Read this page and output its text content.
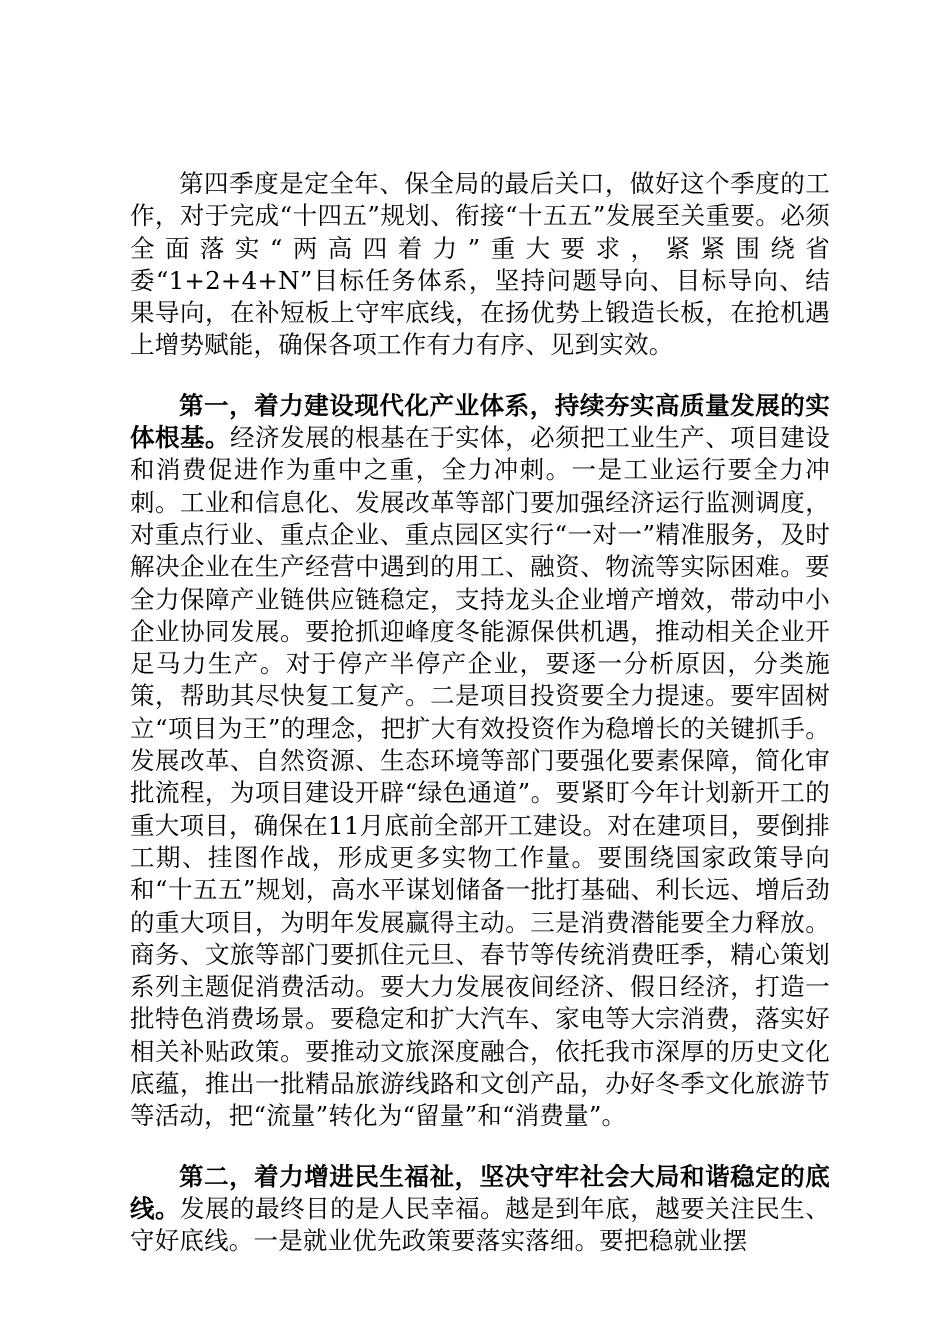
第四季度是定全年、保全局的最后关口，做好这个季度的工作，对于完成“十四五”规划、衔接“十五五”发展至关重要。必须全面落实“两高四着力”重大要求，紧紧围绕省委“1+2+4+N”目标任务体系，坚持问题导向、目标导向、结果导向，在补短板上守牢底线，在扬优势上锻造长板，在抢机遇上增势赋能，确保各项工作有力有序、见到实效。

第一，着力建设现代化产业体系，持续夯实高质量发展的实体根基。经济发展的根基在于实体，必须把工业生产、项目建设和消费促进作为重中之重，全力冲刺。一是工业运行要全力冲刺。工业和信息化、发展改革等部门要加强经济运行监测调度，对重点行业、重点企业、重点园区实行“一对一”精准服务，及时解决企业在生产经营中遇到的用工、融资、物流等实际困难。要全力保障产业链供应链稳定，支持龙头企业增产增效，带动中小企业协同发展。要抢抓迎峰度冬能源保供机遇，推动相关企业开足马力生产。对于停产半停产企业，要逐一分析原因，分类施策，帮助其尽快复工复产。二是项目投资要全力提速。要牢固树立“项目为王”的理念，把扩大有效投资作为稳增长的关键抓手。发展改革、自然资源、生态环境等部门要强化要素保障，简化审批流程，为项目建设开辟“绿色通道”。要紧盯今年计划新开工的重大项目，确保在11月底前全部开工建设。对在建项目，要倒排工期、挂图作战，形成更多实物工作量。要围绕国家政策导向和“十五五”规划，高水平谋划储备一批打基础、利长远、增后劲的重大项目，为明年发展赢得主动。三是消费潜能要全力释放。商务、文旅等部门要抓住元旦、春节等传统消费旺季，精心策划系列主题促消费活动。要大力发展夜间经济、假日经济，打造一批特色消费场景。要稳定和扩大汽车、家电等大宗消费，落实好相关补贴政策。要推动文旅深度融合，依托我市深厚的历史文化底蕴，推出一批精品旅游线路和文创产品，办好冬季文化旅游节等活动，把“流量”转化为“留量”和“消费量”。

第二，着力增进民生福祉，坚决守牢社会大局和谐稳定的底线。发展的最终目的是人民幸福。越是到年底，越要关注民生、守好底线。一是就业优先政策要落实落细。要把稳就业摆
